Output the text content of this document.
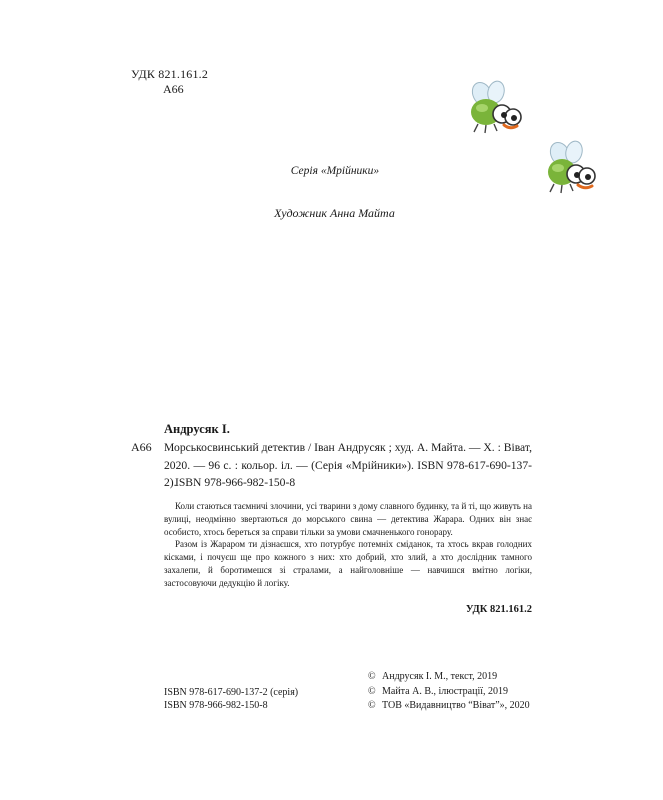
УДК 821.161.2
А66
Серія «Мрійники»
Художник Анна Майта
Андрусяк І.
А66 Морськосвинський детектив / Іван Андрусяк ; худ. А. Майта. — Х. : Віват, 2020. — 96 с. : кольор. іл. — (Серія «Мрійники»). ISBN 978-617-690-137-2).
ISBN 978-966-982-150-8

Коли стаються таємничі злочини, усі тварини з дому славного будинку, та й ті, що живуть на вулиці, неодмінно звертаються до морського свина — детектива Жарара. Одних він знає особисто, хтось береться за справи тільки за умови смачненького гонорару.

Разом із Жараром ти дізнаєшся, хто потурбує потемніх сміданок, та хтось вкрав голодних кісками, і почуєш ще про кожного з них: хто добрий, хто злий, а хто дослідник тамного захалепи, й боротимешся зі стралами, а найголовніше — навчишся вмітно логіки, застосовуючи дедукцію й логіку.

УДК 821.161.2
ISBN 978-617-690-137-2 (серія)
ISBN 978-966-982-150-8
© Андрусяк І. М., текст, 2019
© Майта А. В., ілюстрації, 2019
© ТОВ «Видавництво “Віват”», 2020
